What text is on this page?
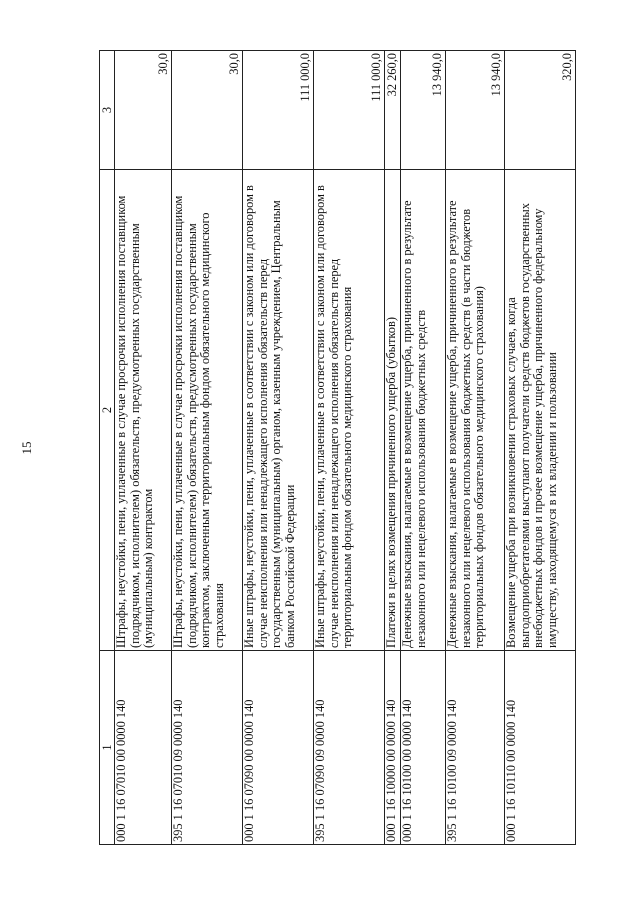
15
1	2	3
000 1 16 07010 00 0000 140	Штрафы, неустойки, пени, уплаченные в случае просрочки исполнения поставщиком (подрядчиком, исполнителем) обязательств, предусмотренных государственным (муниципальным) контрактом	30,0
395 1 16 07010 09 0000 140	Штрафы, неустойки, пени, уплаченные в случае просрочки исполнения поставщиком (подрядчиком, исполнителем) обязательств, предусмотренных государственным контрактом, заключенным территориальным фондом обязательного медицинского страхования	30,0
000 1 16 07090 00 0000 140	Иные штрафы, неустойки, пени, уплаченные в соответствии с законом или договором в случае неисполнения или ненадлежащего исполнения обязательств перед государственным (муниципальным) органом, казенным учреждением, Центральным банком Российской Федерации	111 000,0
395 1 16 07090 09 0000 140	Иные штрафы, неустойки, пени, уплаченные в соответствии с законом или договором в случае неисполнения или ненадлежащего исполнения обязательств перед территориальным фондом обязательного медицинского страхования	111 000,0
000 1 16 10000 00 0000 140	Платежи в целях возмещения причиненного ущерба (убытков)	32 260,0
000 1 16 10100 00 0000 140	Денежные взыскания, налагаемые в возмещение ущерба, причиненного в результате незаконного или нецелевого использования бюджетных средств	13 940,0
395 1 16 10100 09 0000 140	Денежные взыскания, налагаемые в возмещение ущерба, причиненного в результате незаконного или нецелевого использования бюджетных средств (в части бюджетов территориальных фондов обязательного медицинского страхования)	13 940,0
000 1 16 10110 00 0000 140	Возмещение ущерба при возникновении страховых случаев, когда выгодоприобретателями выступают получатели средств бюджетов государственных внебюджетных фондов и прочее возмещение ущерба, причиненного федеральному имуществу, находящемуся в их владении и пользовании	320,0
